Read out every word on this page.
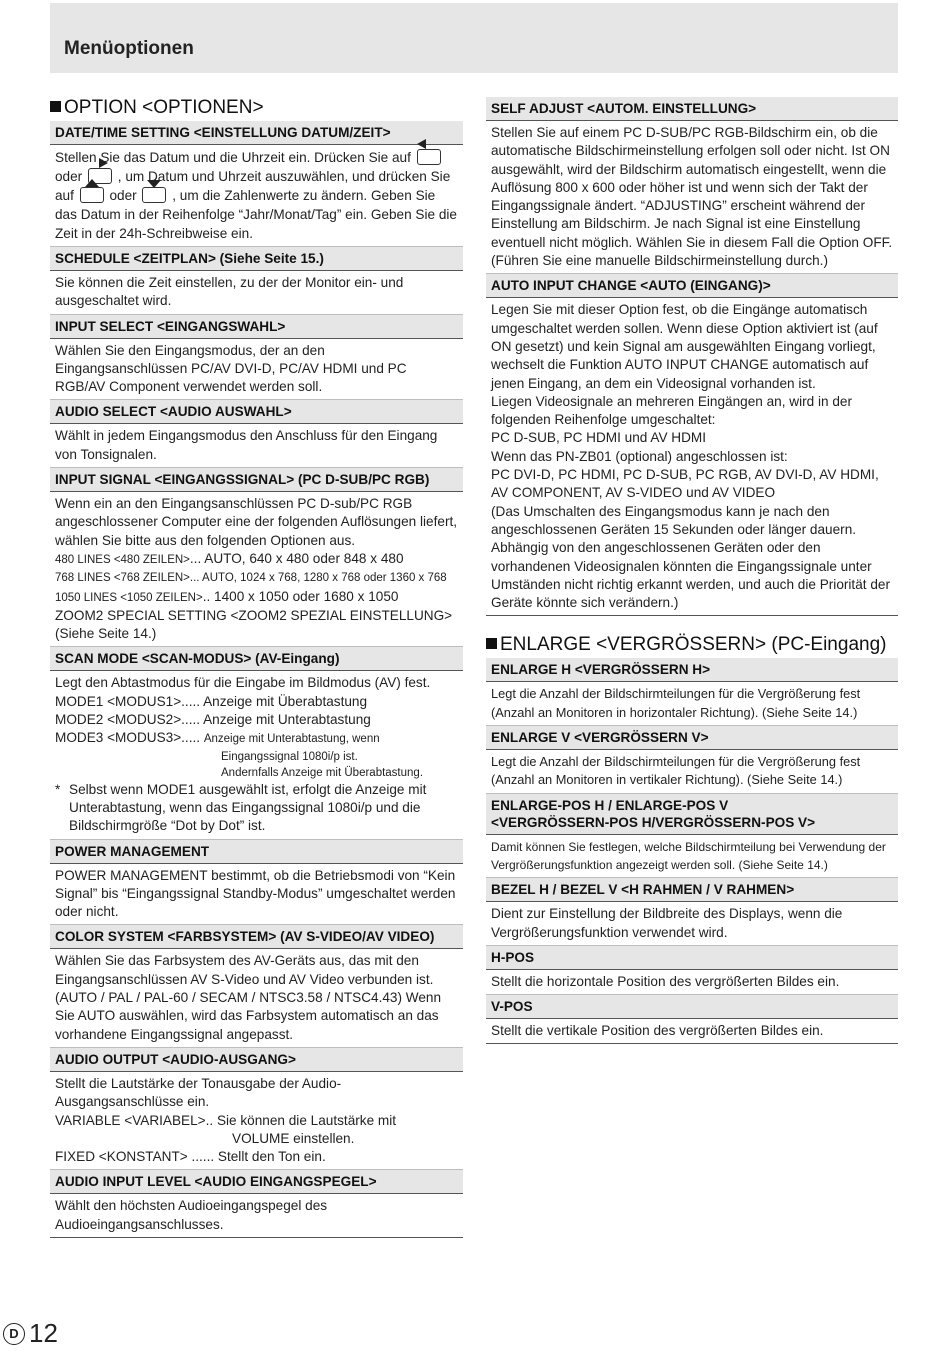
Menüoptionen
OPTION <OPTIONEN>
DATE/TIME SETTING <EINSTELLUNG DATUM/ZEIT>
Stellen Sie das Datum und die Uhrzeit ein. Drücken Sie auf
oder	, um Datum und Uhrzeit auszuwählen, und drücken Sie auf	oder	, um die Zahlenwerte zu ändern. Geben Sie das Datum in der Reihenfolge “Jahr/Monat/Tag” ein. Geben Sie die Zeit in der 24h-Schreibweise ein.
SCHEDULE <ZEITPLAN> (Siehe Seite 15.)
Sie können die Zeit einstellen, zu der der Monitor ein- und ausgeschaltet wird.
INPUT SELECT <EINGANGSWAHL>
Wählen Sie den Eingangsmodus, der an den Eingangsanschlüssen PC/AV DVI-D, PC/AV HDMI und PC RGB/AV Component verwendet werden soll.
AUDIO SELECT <AUDIO AUSWAHL>
Wählt in jedem Eingangsmodus den Anschluss für den Eingang von Tonsignalen.
INPUT SIGNAL <EINGANGSSIGNAL> (PC D-SUB/PC RGB)

Wenn ein an den Eingangsanschlüssen PC D-sub/PC RGB angeschlossener Computer eine der folgenden Auflösungen liefert, wählen Sie bitte aus den folgenden Optionen aus.

480 LINES <480 ZEILEN>... AUTO, 640 x 480 oder 848 x 480

768 LINES <768 ZEILEN>... AUTO, 1024 x 768, 1280 x 768 oder 1360 x 768

1050 LINES <1050 ZEILEN>.. 1400 x 1050 oder 1680 x 1050

ZOOM2 SPECIAL SETTING <ZOOM2 SPEZIAL EINSTELLUNG> (Siehe Seite 14.)

SCAN MODE <SCAN-MODUS> (AV-Eingang)

Legt den Abtastmodus für die Eingabe im Bildmodus (AV) fest.

MODE1 <MODUS1>..... Anzeige mit Überabtastung

MODE2 <MODUS2>..... Anzeige mit Unterabtastung

MODE3 <MODUS3>..... Anzeige mit Unterabtastung, wenn

Eingangssignal 1080i/p ist.
Andernfalls Anzeige mit Überabtastung.
* Selbst wenn MODE1 ausgewählt ist, erfolgt die Anzeige mit Unterabtastung, wenn das Eingangssignal 1080i/p und die Bildschirmgröße “Dot by Dot” ist.
POWER MANAGEMENT
POWER MANAGEMENT bestimmt, ob die Betriebsmodi von “Kein Signal” bis “Eingangssignal Standby-Modus” umgeschaltet werden oder nicht.
COLOR SYSTEM <FARBSYSTEM> (AV S-VIDEO/AV VIDEO)
Wählen Sie das Farbsystem des AV-Geräts aus, das mit den Eingangsanschlüssen AV S-Video und AV Video verbunden ist. (AUTO / PAL / PAL-60 / SECAM / NTSC3.58 / NTSC4.43) Wenn Sie AUTO auswählen, wird das Farbsystem automatisch an das vorhandene Eingangssignal angepasst.
AUDIO OUTPUT <AUDIO-AUSGANG>

Stellt die Lautstärke der Tonausgabe der Audio-Ausgangsanschlüsse ein.

VARIABLE <VARIABEL>.. Sie können die Lautstärke mit

VOLUME einstellen.

FIXED <KONSTANT> ...... Stellt den Ton ein.

AUDIO INPUT LEVEL <AUDIO EINGANGSPEGEL>
Wählt den höchsten Audioeingangspegel des Audioeingangsanschlusses.
SELF ADJUST <AUTOM. EINSTELLUNG>
Stellen Sie auf einem PC D-SUB/PC RGB-Bildschirm ein, ob die automatische Bildschirmeinstellung erfolgen soll oder nicht. Ist ON ausgewählt, wird der Bildschirm automatisch eingestellt, wenn die Auflösung 800 x 600 oder höher ist und wenn sich der Takt der Eingangssignale ändert. “ADJUSTING” erscheint während der Einstellung am Bildschirm. Je nach Signal ist eine Einstellung eventuell nicht möglich. Wählen Sie in diesem Fall die Option OFF. (Führen Sie eine manuelle Bildschirmeinstellung durch.)
AUTO INPUT CHANGE <AUTO (EINGANG)>

Legen Sie mit dieser Option fest, ob die Eingänge automatisch umgeschaltet werden sollen. Wenn diese Option aktiviert ist (auf ON gesetzt) und kein Signal am ausgewählten Eingang vorliegt, wechselt die Funktion AUTO INPUT CHANGE automatisch auf jenen Eingang, an dem ein Videosignal vorhanden ist.

Liegen Videosignale an mehreren Eingängen an, wird in der folgenden Reihenfolge umgeschaltet:

PC D-SUB, PC HDMI und AV HDMI

Wenn das PN-ZB01 (optional) angeschlossen ist:

PC DVI-D, PC HDMI, PC D-SUB, PC RGB, AV DVI-D, AV HDMI, AV COMPONENT, AV S-VIDEO und AV VIDEO

(Das Umschalten des Eingangsmodus kann je nach den angeschlossenen Geräten 15 Sekunden oder länger dauern. Abhängig von den angeschlossenen Geräten oder den vorhandenen Videosignalen könnten die Eingangssignale unter Umständen nicht richtig erkannt werden, und auch die Priorität der Geräte könnte sich verändern.)

ENLARGE <VERGRÖSSERN> (PC-Eingang)
ENLARGE H <VERGRÖSSERN H>
Legt die Anzahl der Bildschirmteilungen für die Vergrößerung fest (Anzahl an Monitoren in horizontaler Richtung). (Siehe Seite 14.)
ENLARGE V <VERGRÖSSERN V>
Legt die Anzahl der Bildschirmteilungen für die Vergrößerung fest (Anzahl an Monitoren in vertikaler Richtung). (Siehe Seite 14.)
ENLARGE-POS H / ENLARGE-POS V
<VERGRÖSSERN-POS H/VERGRÖSSERN-POS V>
Damit können Sie festlegen, welche Bildschirmteilung bei Verwendung der Vergrößerungsfunktion angezeigt werden soll. (Siehe Seite 14.)
BEZEL H / BEZEL V <H RAHMEN / V RAHMEN>
Dient zur Einstellung der Bildbreite des Displays, wenn die Vergrößerungsfunktion verwendet wird.
H-POS
Stellt die horizontale Position des vergrößerten Bildes ein.
V-POS
Stellt die vertikale Position des vergrößerten Bildes ein.
D 12
